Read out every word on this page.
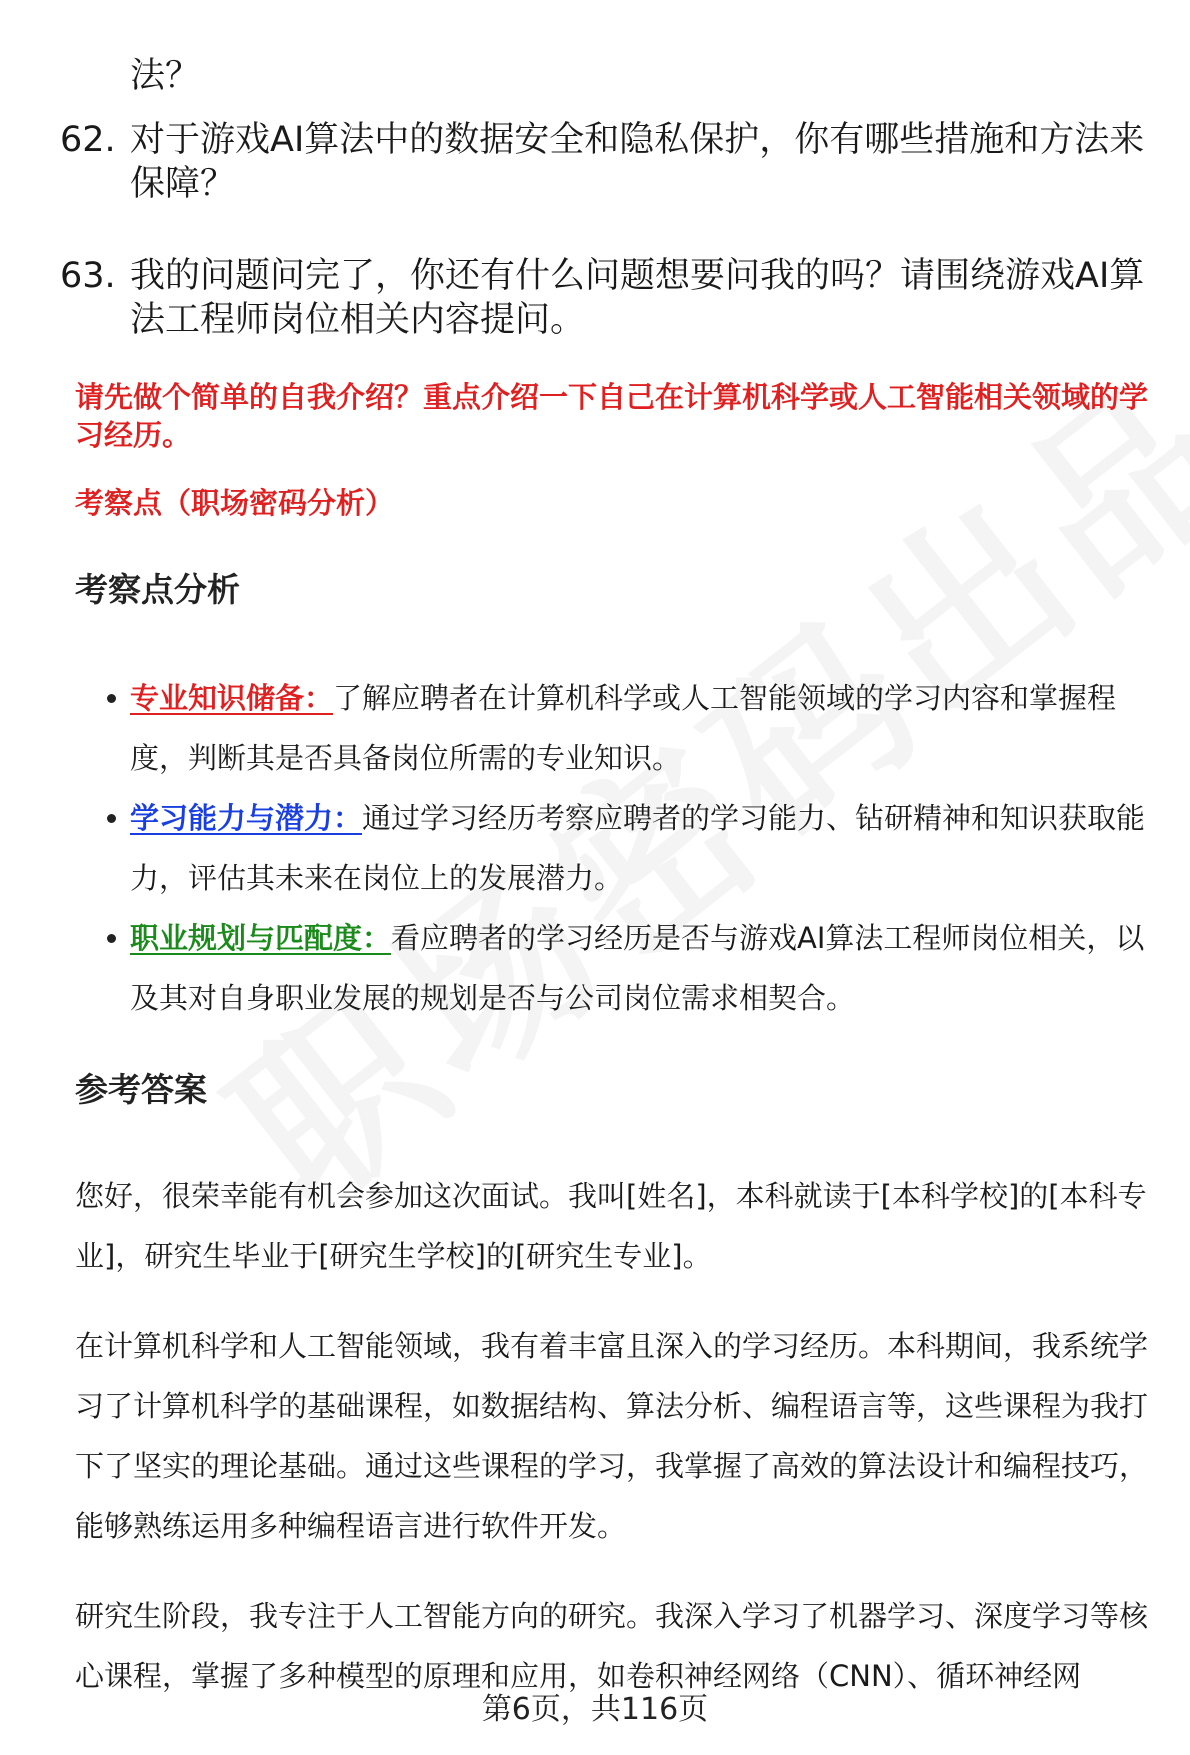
法？
62. 对于游戏AI算法中的数据安全和隐私保护，你有哪些措施和方法来保障？
63. 我的问题问完了，你还有什么问题想要问我的吗？请围绕游戏AI算法工程师岗位相关内容提问。
请先做个简单的自我介绍？重点介绍一下自己在计算机科学或人工智能相关领域的学习经历。
考察点（职场密码分析）
考察点分析
专业知识储备：了解应聘者在计算机科学或人工智能领域的学习内容和掌握程度，判断其是否具备岗位所需的专业知识。
学习能力与潜力：通过学习经历考察应聘者的学习能力、钻研精神和知识获取能力，评估其未来在岗位上的发展潜力。
职业规划与匹配度：看应聘者的学习经历是否与游戏AI算法工程师岗位相关，以及其对自身职业发展的规划是否与公司岗位需求相契合。
参考答案
您好，很荣幸能有机会参加这次面试。我叫[姓名]，本科就读于[本科学校]的[本科专业]，研究生毕业于[研究生学校]的[研究生专业]。
在计算机科学和人工智能领域，我有着丰富且深入的学习经历。本科期间，我系统学习了计算机科学的基础课程，如数据结构、算法分析、编程语言等，这些课程为我打下了坚实的理论基础。通过这些课程的学习，我掌握了高效的算法设计和编程技巧，能够熟练运用多种编程语言进行软件开发。
研究生阶段，我专注于人工智能方向的研究。我深入学习了机器学习、深度学习等核心课程，掌握了多种模型的原理和应用，如卷积神经网络（CNN）、循环神经网
第6页，共116页
